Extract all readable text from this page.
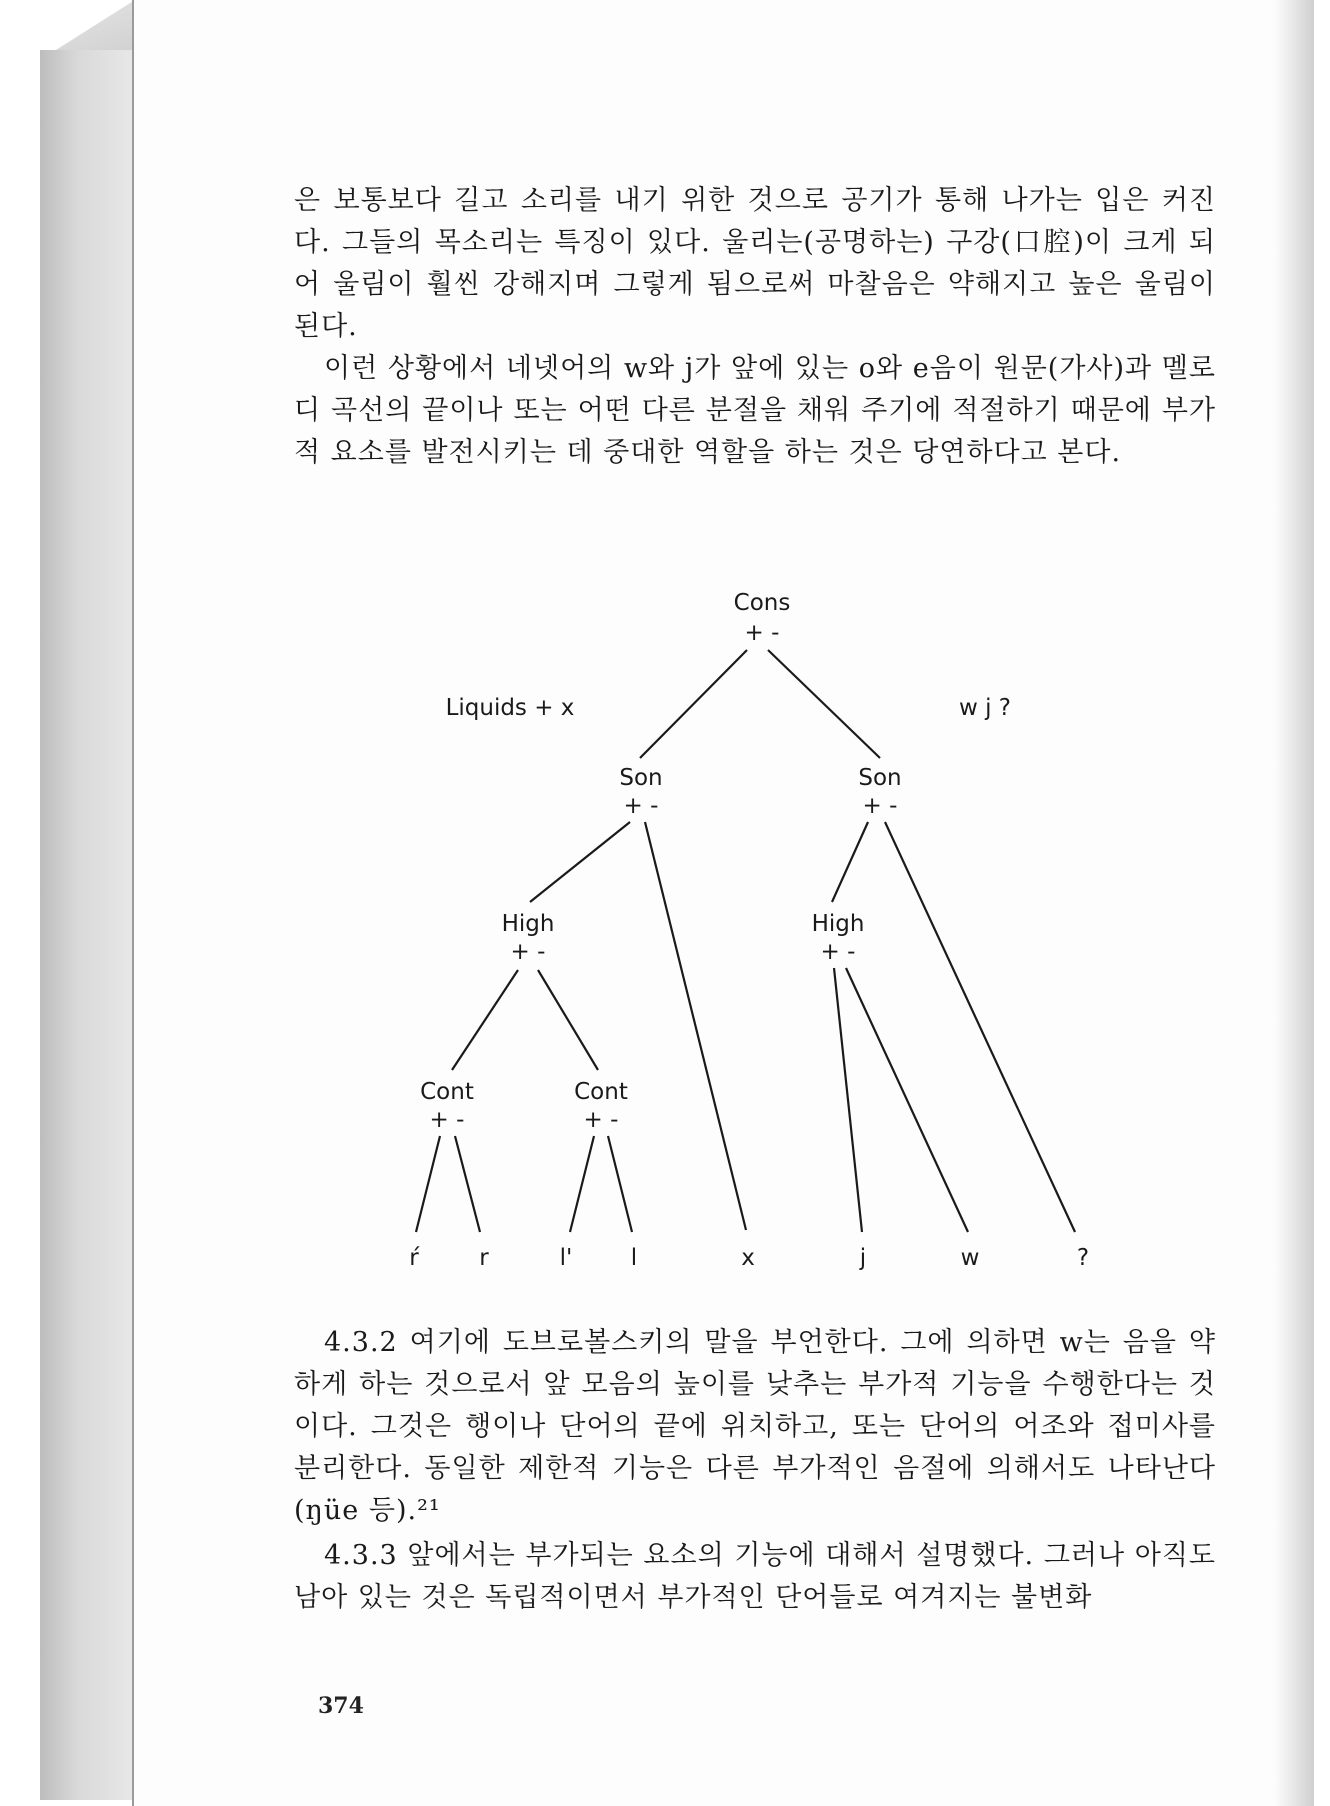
은 보통보다 길고 소리를 내기 위한 것으로 공기가 통해 나가는 입은 커진다. 그들의 목소리는 특징이 있다. 울리는(공명하는) 구강(口腔)이 크게 되어 울림이 훨씬 강해지며 그렇게 됨으로써 마찰음은 약해지고 높은 울림이 된다.

이런 상황에서 네넷어의 w와 j가 앞에 있는 o와 e음이 원문(가사)과 멜로디 곡선의 끝이나 또는 어떤 다른 분절을 채워 주기에 적절하기 때문에 부가적 요소를 발전시키는 데 중대한 역할을 하는 것은 당연하다고 본다.

Cons
+ -
Liquids + x	w j ?
Son
+ -
Son
+ -
High
+ -
High
+ -
Cont
+ -
Cont
+ -
ŕ	r	l'	l	x	j	w	?

4.3.2 여기에 도브로볼스키의 말을 부언한다. 그에 의하면 w는 음을 약하게 하는 것으로서 앞 모음의 높이를 낮추는 부가적 기능을 수행한다는 것이다. 그것은 행이나 단어의 끝에 위치하고, 또는 단어의 어조와 접미사를 분리한다. 동일한 제한적 기능은 다른 부가적인 음절에 의해서도 나타난다(ŋüe 등).²¹

4.3.3 앞에서는 부가되는 요소의 기능에 대해서 설명했다. 그러나 아직도 남아 있는 것은 독립적이면서 부가적인 단어들로 여겨지는 불변화

374
